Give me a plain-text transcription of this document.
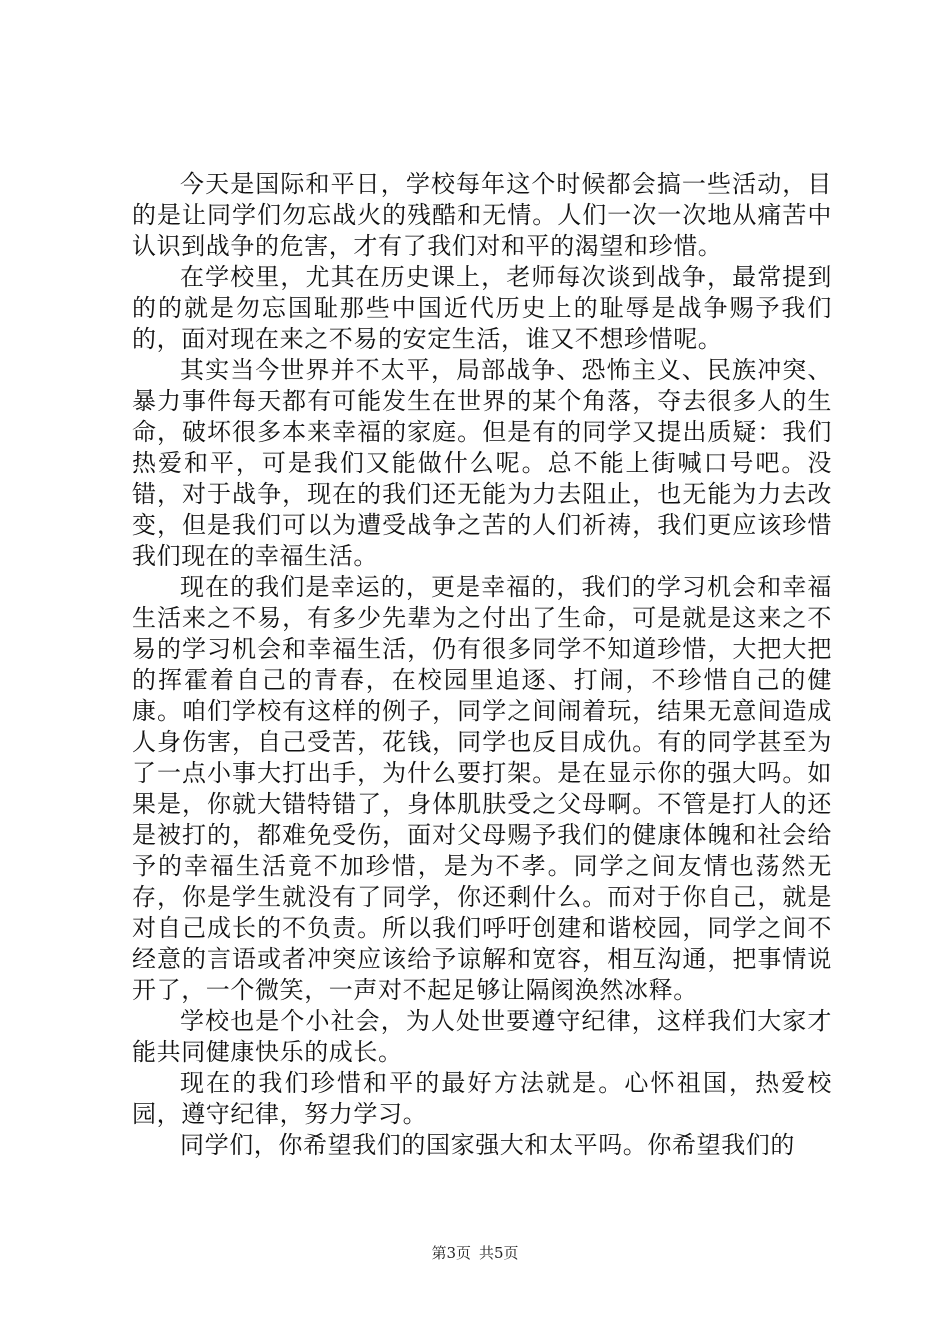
今天是国际和平日，学校每年这个时候都会搞一些活动，目的是让同学们勿忘战火的残酷和无情。人们一次一次地从痛苦中认识到战争的危害，才有了我们对和平的渴望和珍惜。

在学校里，尤其在历史课上，老师每次谈到战争，最常提到的的就是勿忘国耻那些中国近代历史上的耻辱是战争赐予我们的，面对现在来之不易的安定生活，谁又不想珍惜呢。

其实当今世界并不太平，局部战争、恐怖主义、民族冲突、暴力事件每天都有可能发生在世界的某个角落，夺去很多人的生命，破坏很多本来幸福的家庭。但是有的同学又提出质疑：我们热爱和平，可是我们又能做什么呢。总不能上街喊口号吧。没错，对于战争，现在的我们还无能为力去阻止，也无能为力去改变，但是我们可以为遭受战争之苦的人们祈祷，我们更应该珍惜我们现在的幸福生活。

现在的我们是幸运的，更是幸福的，我们的学习机会和幸福生活来之不易，有多少先辈为之付出了生命，可是就是这来之不易的学习机会和幸福生活，仍有很多同学不知道珍惜，大把大把的挥霍着自己的青春，在校园里追逐、打闹，不珍惜自己的健康。咱们学校有这样的例子，同学之间闹着玩，结果无意间造成人身伤害，自己受苦，花钱，同学也反目成仇。有的同学甚至为了一点小事大打出手，为什么要打架。是在显示你的强大吗。如果是，你就大错特错了，身体肌肤受之父母啊。不管是打人的还是被打的，都难免受伤，面对父母赐予我们的健康体魄和社会给予的幸福生活竟不加珍惜，是为不孝。同学之间友情也荡然无存，你是学生就没有了同学，你还剩什么。而对于你自己，就是对自己成长的不负责。所以我们呼吁创建和谐校园，同学之间不经意的言语或者冲突应该给予谅解和宽容，相互沟通，把事情说开了，一个微笑，一声对不起足够让隔阂涣然冰释。

学校也是个小社会，为人处世要遵守纪律，这样我们大家才能共同健康快乐的成长。

现在的我们珍惜和平的最好方法就是。心怀祖国，热爱校园，遵守纪律，努力学习。

同学们，你希望我们的国家强大和太平吗。你希望我们的

第3页 共5页
